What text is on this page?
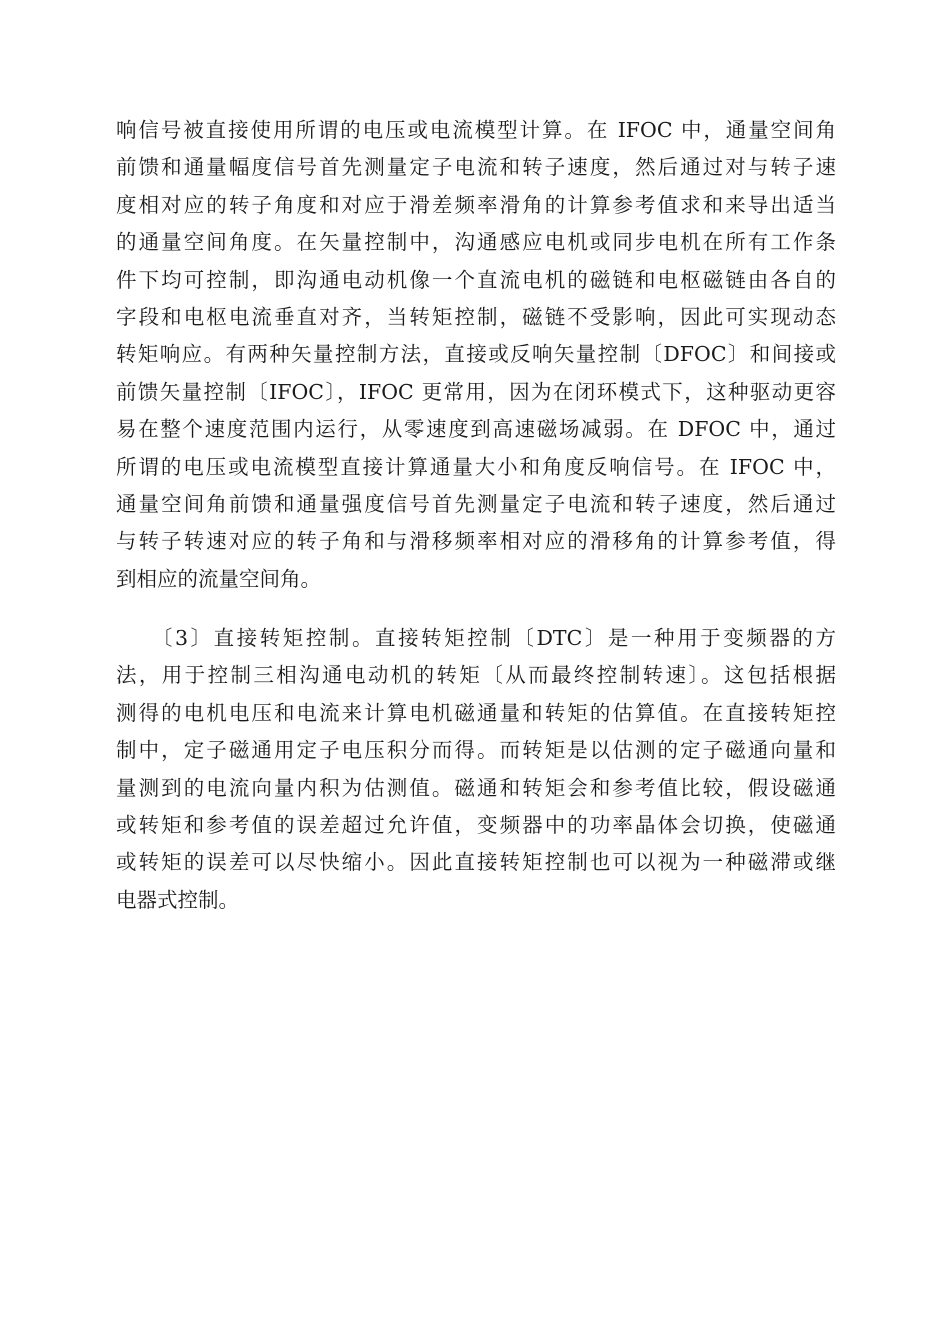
响信号被直接使用所谓的电压或电流模型计算。在 IFOC 中，通量空间角
前馈和通量幅度信号首先测量定子电流和转子速度，然后通过对与转子速
度相对应的转子角度和对应于滑差频率滑角的计算参考值求和来导出适当
的通量空间角度。在矢量控制中，沟通感应电机或同步电机在所有工作条
件下均可控制，即沟通电动机像一个直流电机的磁链和电枢磁链由各自的
字段和电枢电流垂直对齐，当转矩控制，磁链不受影响，因此可实现动态
转矩响应。有两种矢量控制方法，直接或反响矢量控制〔DFOC〕和间接或
前馈矢量控制〔IFOC〕，IFOC 更常用，因为在闭环模式下，这种驱动更容
易在整个速度范围内运行，从零速度到高速磁场减弱。在 DFOC 中，通过
所谓的电压或电流模型直接计算通量大小和角度反响信号。在 IFOC 中，
通量空间角前馈和通量强度信号首先测量定子电流和转子速度，然后通过
与转子转速对应的转子角和与滑移频率相对应的滑移角的计算参考值，得
到相应的流量空间角。
　　〔3〕直接转矩控制。直接转矩控制〔DTC〕是一种用于变频器的方
法，用于控制三相沟通电动机的转矩〔从而最终控制转速〕。这包括根据
测得的电机电压和电流来计算电机磁通量和转矩的估算值。在直接转矩控
制中，定子磁通用定子电压积分而得。而转矩是以估测的定子磁通向量和
量测到的电流向量内积为估测值。磁通和转矩会和参考值比较，假设磁通
或转矩和参考值的误差超过允许值，变频器中的功率晶体会切换，使磁通
或转矩的误差可以尽快缩小。因此直接转矩控制也可以视为一种磁滞或继
电器式控制。
